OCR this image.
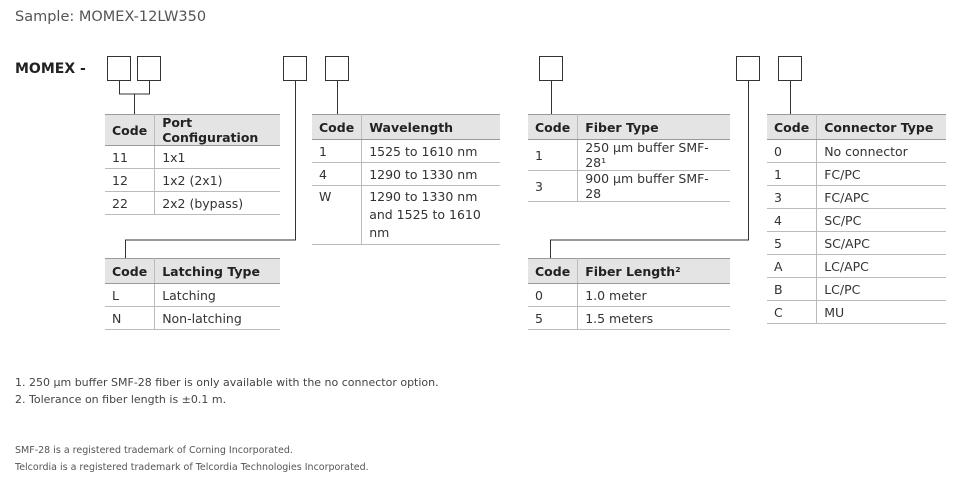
Sample: MOMEX-12LW350
MOMEX -
Code	Port Configuration
11	1x1
12	1x2 (2x1)
22	2x2 (bypass)
Code	Latching Type
L	Latching
N	Non-latching
Code	Wavelength
1	1525 to 1610 nm
4	1290 to 1330 nm
W	1290 to 1330 nm
and 1525 to 1610 nm
Code	Fiber Type
1	250 μm buffer SMF-28¹
3	900 μm buffer SMF-28
Code	Fiber Length²
0	1.0 meter
5	1.5 meters
Code	Connector Type
0	No connector
1	FC/PC
3	FC/APC
4	SC/PC
5	SC/APC
A	LC/APC
B	LC/PC
C	MU
1. 250 μm buffer SMF-28 fiber is only available with the no connector option.
2. Tolerance on fiber length is ±0.1 m.
SMF-28 is a registered trademark of Corning Incorporated.
Telcordia is a registered trademark of Telcordia Technologies Incorporated.
